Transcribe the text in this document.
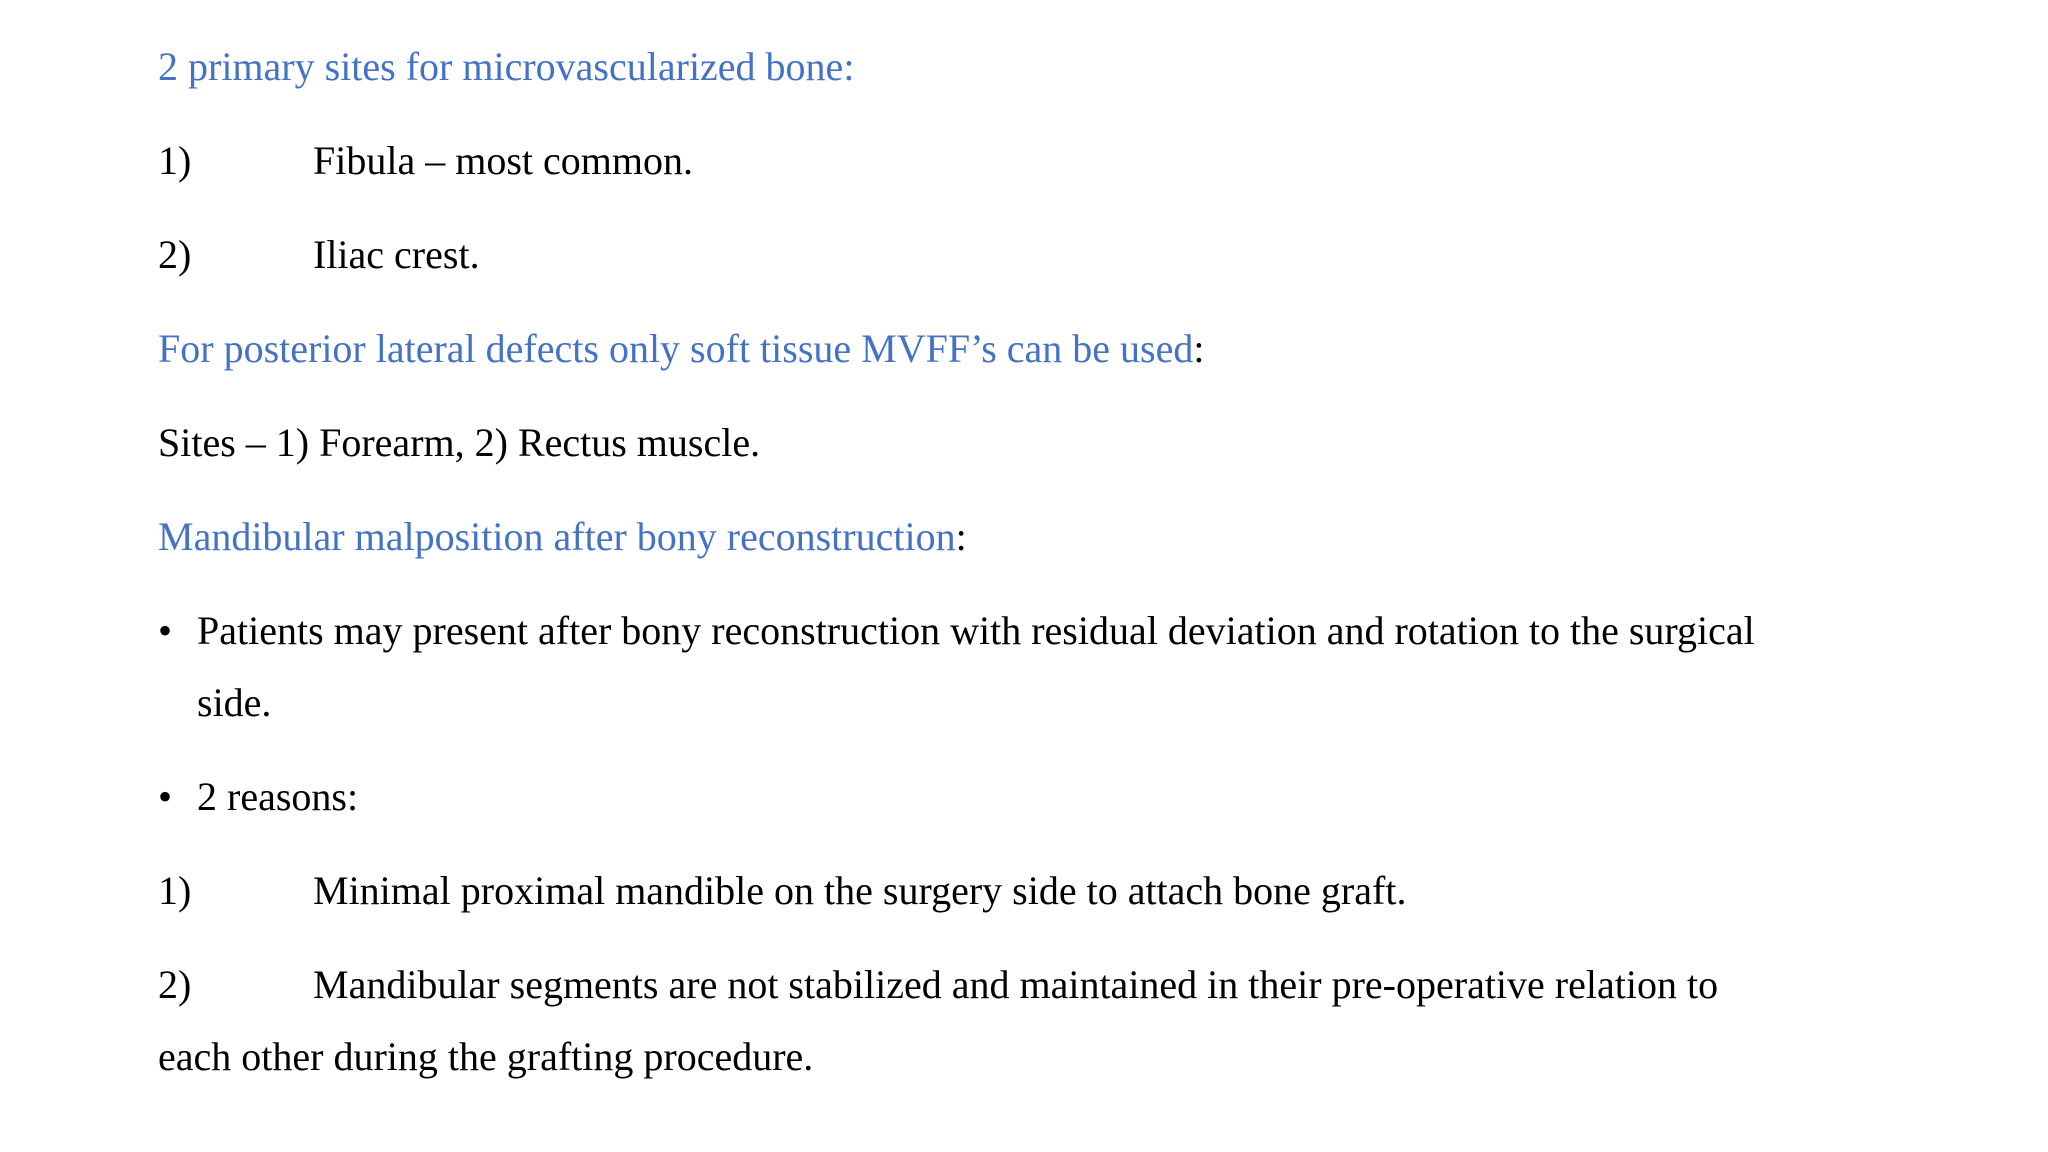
2 primary sites for microvascularized bone:
1)	Fibula – most common.
2)	Iliac crest.
For posterior lateral defects only soft tissue MVFF’s can be used:
Sites – 1) Forearm, 2) Rectus muscle.
Mandibular malposition after bony reconstruction:
• Patients may present after bony reconstruction with residual deviation and rotation to the surgical
side.
• 2 reasons:
1)	Minimal proximal mandible on the surgery side to attach bone graft.
2)	Mandibular segments are not stabilized and maintained in their pre-operative relation to
each other during the grafting procedure.
